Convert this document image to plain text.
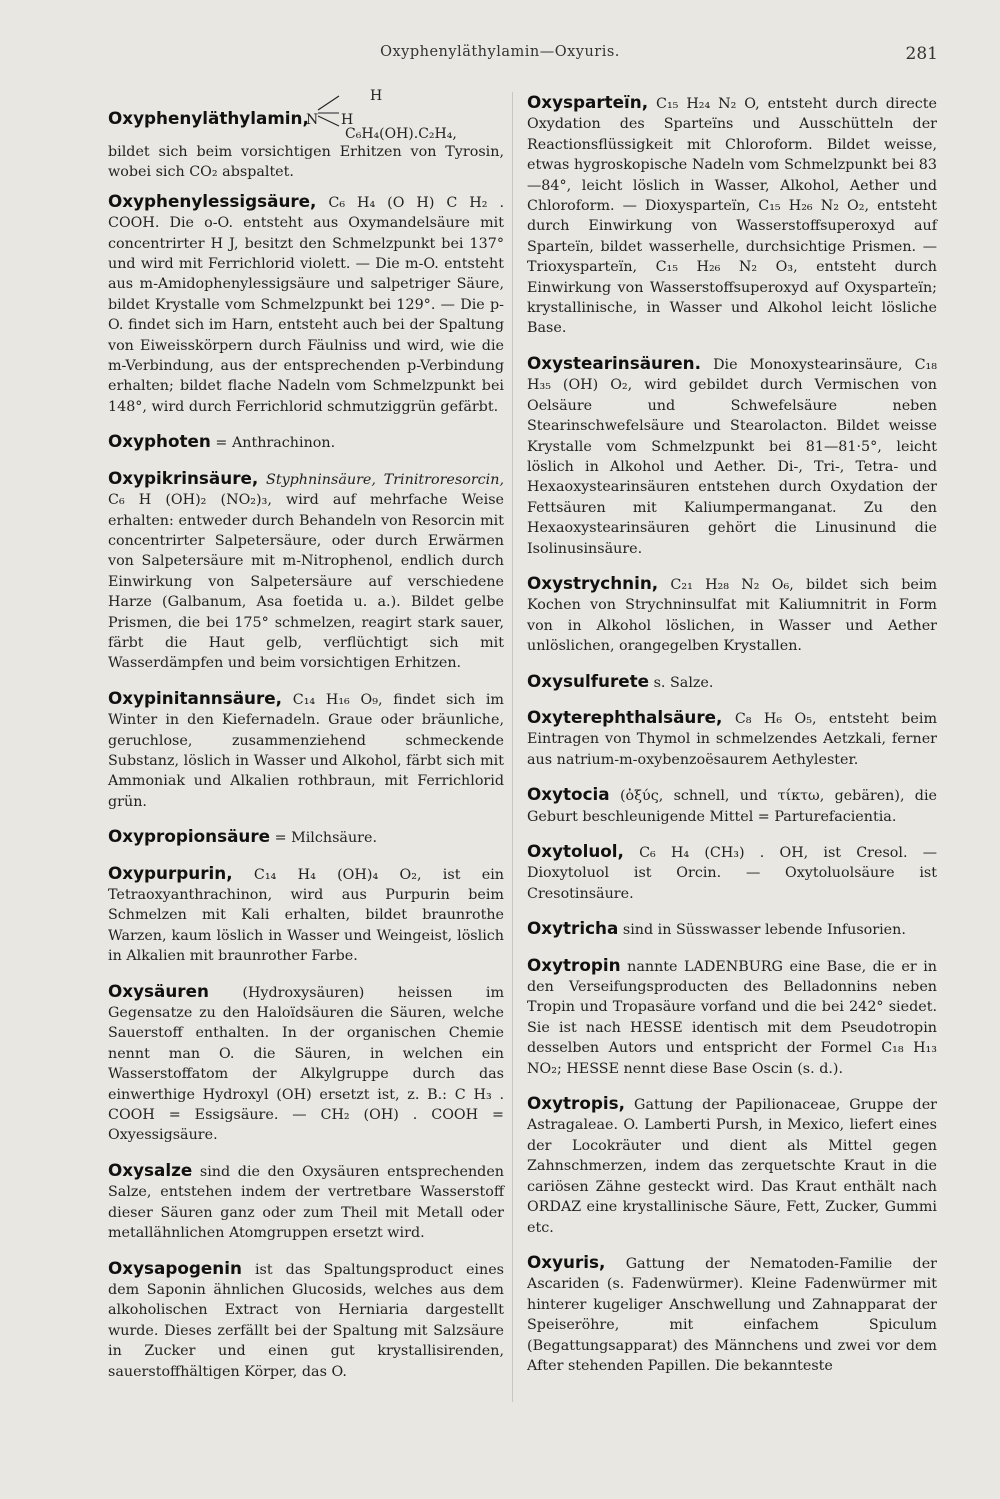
Oxyphenyläthylamin—Oxyuris.	281
H
Oxyphenyläthylamin,
N H
C₆H₄(OH).C₂H₄,
bildet sich beim vorsichtigen Erhitzen von Tyrosin, wobei sich CO₂ abspaltet.
Oxyphenylessigsäure, C₆ H₄ (O H) C H₂ . COOH. Die o-O. entsteht aus Oxymandelsäure mit concentrirter H J, besitzt den Schmelzpunkt bei 137° und wird mit Ferrichlorid violett. — Die m-O. entsteht aus m-Amidophenylessigsäure und salpetriger Säure, bildet Krystalle vom Schmelzpunkt bei 129°. — Die p-O. findet sich im Harn, entsteht auch bei der Spaltung von Eiweisskörpern durch Fäulniss und wird, wie die m-Verbindung, aus der entsprechenden p-Verbindung erhalten; bildet flache Nadeln vom Schmelzpunkt bei 148°, wird durch Ferrichlorid schmutziggrün gefärbt.
Oxyphoten = Anthrachinon.
Oxypikrinsäure, Styphninsäure, Trinitroresorcin, C₆ H (OH)₂ (NO₂)₃, wird auf mehrfache Weise erhalten: entweder durch Behandeln von Resorcin mit concentrirter Salpetersäure, oder durch Erwärmen von Salpetersäure mit m-Nitrophenol, endlich durch Einwirkung von Salpetersäure auf verschiedene Harze (Galbanum, Asa foetida u. a.). Bildet gelbe Prismen, die bei 175° schmelzen, reagirt stark sauer, färbt die Haut gelb, verflüchtigt sich mit Wasserdämpfen und beim vorsichtigen Erhitzen.
Oxypinitannsäure, C₁₄ H₁₆ O₉, findet sich im Winter in den Kiefernadeln. Graue oder bräunliche, geruchlose, zusammenziehend schmeckende Substanz, löslich in Wasser und Alkohol, färbt sich mit Ammoniak und Alkalien rothbraun, mit Ferrichlorid grün.
Oxypropionsäure = Milchsäure.
Oxypurpurin, C₁₄ H₄ (OH)₄ O₂, ist ein Tetraoxyanthrachinon, wird aus Purpurin beim Schmelzen mit Kali erhalten, bildet braunrothe Warzen, kaum löslich in Wasser und Weingeist, löslich in Alkalien mit braunrother Farbe.
Oxysäuren (Hydroxysäuren) heissen im Gegensatze zu den Haloïdsäuren die Säuren, welche Sauerstoff enthalten. In der organischen Chemie nennt man O. die Säuren, in welchen ein Wasserstoffatom der Alkylgruppe durch das einwerthige Hydroxyl (OH) ersetzt ist, z. B.: C H₃ . COOH = Essigsäure. — CH₂ (OH) . COOH = Oxyessigsäure.
Oxysalze sind die den Oxysäuren entsprechenden Salze, entstehen indem der vertretbare Wasserstoff dieser Säuren ganz oder zum Theil mit Metall oder metallähnlichen Atomgruppen ersetzt wird.
Oxysapogenin ist das Spaltungsproduct eines dem Saponin ähnlichen Glucosids, welches aus dem alkoholischen Extract von Herniaria dargestellt wurde. Dieses zerfällt bei der Spaltung mit Salzsäure in Zucker und einen gut krystallisirenden, sauerstoffhältigen Körper, das O.
Oxysparteïn, C₁₅ H₂₄ N₂ O, entsteht durch directe Oxydation des Sparteïns und Ausschütteln der Reactionsflüssigkeit mit Chloroform. Bildet weisse, etwas hygroskopische Nadeln vom Schmelzpunkt bei 83—84°, leicht löslich in Wasser, Alkohol, Aether und Chloroform. — Dioxysparteïn, C₁₅ H₂₆ N₂ O₂, entsteht durch Einwirkung von Wasserstoffsuperoxyd auf Sparteïn, bildet wasserhelle, durchsichtige Prismen. — Trioxysparteïn, C₁₅ H₂₆ N₂ O₃, entsteht durch Einwirkung von Wasserstoffsuperoxyd auf Oxysparteïn; krystallinische, in Wasser und Alkohol leicht lösliche Base.
Oxystearinsäuren. Die Monoxystearinsäure, C₁₈ H₃₅ (OH) O₂, wird gebildet durch Vermischen von Oelsäure und Schwefelsäure neben Stearinschwefelsäure und Stearolacton. Bildet weisse Krystalle vom Schmelzpunkt bei 81—81·5°, leicht löslich in Alkohol und Aether. Di-, Tri-, Tetra- und Hexaoxystearinsäuren entstehen durch Oxydation der Fettsäuren mit Kaliumpermanganat. Zu den Hexaoxystearinsäuren gehört die Linusinund die Isolinusinsäure.
Oxystrychnin, C₂₁ H₂₈ N₂ O₆, bildet sich beim Kochen von Strychninsulfat mit Kaliumnitrit in Form von in Alkohol löslichen, in Wasser und Aether unlöslichen, orangegelben Krystallen.
Oxysulfurete s. Salze.
Oxyterephthalsäure, C₈ H₆ O₅, entsteht beim Eintragen von Thymol in schmelzendes Aetzkali, ferner aus natrium-m-oxybenzoësaurem Aethylester.
Oxytocia (ὀξύς, schnell, und τίκτω, gebären), die Geburt beschleunigende Mittel = Parturefacientia.
Oxytoluol, C₆ H₄ (CH₃) . OH, ist Cresol. — Dioxytoluol ist Orcin. — Oxytoluolsäure ist Cresotinsäure.
Oxytricha sind in Süsswasser lebende Infusorien.
Oxytropin nannte LADENBURG eine Base, die er in den Verseifungsproducten des Belladonnins neben Tropin und Tropasäure vorfand und die bei 242° siedet. Sie ist nach HESSE identisch mit dem Pseudotropin desselben Autors und entspricht der Formel C₁₈ H₁₃ NO₂; HESSE nennt diese Base Oscin (s. d.).
Oxytropis, Gattung der Papilionaceae, Gruppe der Astragaleae. O. Lamberti Pursh, in Mexico, liefert eines der Locokräuter und dient als Mittel gegen Zahnschmerzen, indem das zerquetschte Kraut in die cariösen Zähne gesteckt wird. Das Kraut enthält nach ORDAZ eine krystallinische Säure, Fett, Zucker, Gummi etc.
Oxyuris, Gattung der Nematoden-Familie der Ascariden (s. Fadenwürmer). Kleine Fadenwürmer mit hinterer kugeliger Anschwellung und Zahnapparat der Speiseröhre, mit einfachem Spiculum (Begattungsapparat) des Männchens und zwei vor dem After stehenden Papillen. Die bekannteste
